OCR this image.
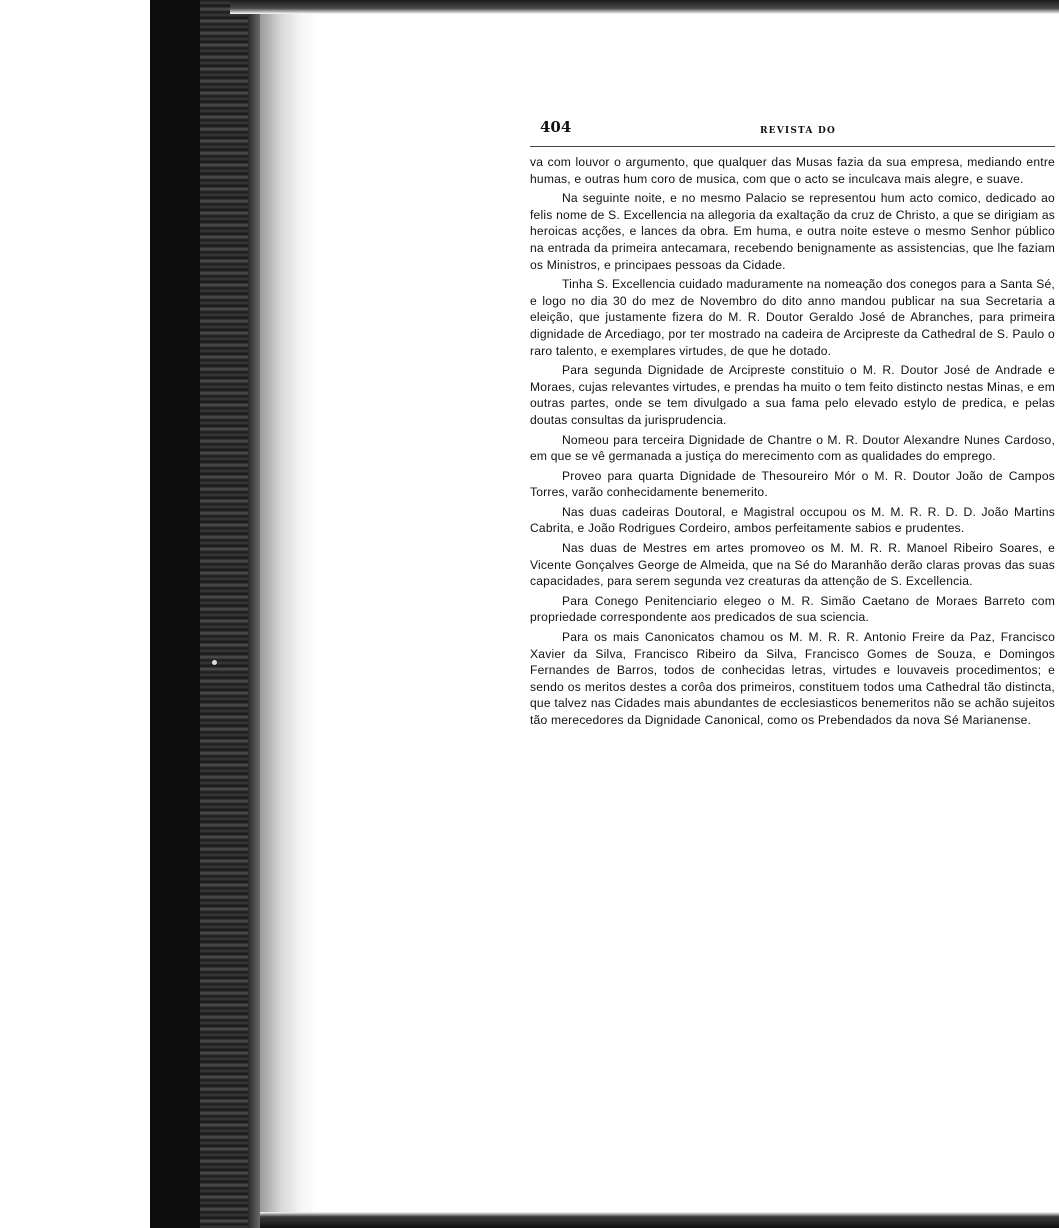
404	REVISTA DO

va com louvor o argumento, que qualquer das Musas fazia da sua empresa, mediando entre humas, e outras hum coro de musica, com que o acto se inculcava mais alegre, e suave.

Na seguinte noite, e no mesmo Palacio se representou hum acto comico, dedicado ao felis nome de S. Excellencia na allegoria da exaltação da cruz de Christo, a que se dirigiam as heroicas acções, e lances da obra. Em huma, e outra noite esteve o mesmo Senhor público na entrada da primeira antecamara, recebendo benignamente as assistencias, que lhe faziam os Ministros, e principaes pessoas da Cidade.

Tinha S. Excellencia cuidado maduramente na nomeação dos conegos para a Santa Sé, e logo no dia 30 do mez de Novembro do dito anno mandou publicar na sua Secretaria a eleição, que justamente fizera do M. R. Doutor Geraldo José de Abranches, para primeira dignidade de Arcediago, por ter mostrado na cadeira de Arcipreste da Cathedral de S. Paulo o raro talento, e exemplares virtudes, de que he dotado.

Para segunda Dignidade de Arcipreste constituio o M. R. Doutor José de Andrade e Moraes, cujas relevantes virtudes, e prendas ha muito o tem feito distincto nestas Minas, e em outras partes, onde se tem divulgado a sua fama pelo elevado estylo de predica, e pelas doutas consultas da jurisprudencia.

Nomeou para terceira Dignidade de Chantre o M. R. Doutor Alexandre Nunes Cardoso, em que se vê germanada a justiça do merecimento com as qualidades do emprego.

Proveo para quarta Dignidade de Thesoureiro Mór o M. R. Doutor João de Campos Torres, varão conhecidamente benemerito.

Nas duas cadeiras Doutoral, e Magistral occupou os M. M. R. R. D. D. João Martins Cabrita, e João Rodrigues Cordeiro, ambos perfeitamente sabios e prudentes.

Nas duas de Mestres em artes promoveo os M. M. R. R. Manoel Ribeiro Soares, e Vicente Gonçalves George de Almeida, que na Sé do Maranhão derão claras provas das suas capacidades, para serem segunda vez creaturas da attenção de S. Excellencia.

Para Conego Penitenciario elegeo o M. R. Simão Caetano de Moraes Barreto com propriedade correspondente aos predicados de sua sciencia.

Para os mais Canonicatos chamou os M. M. R. R. Antonio Freire da Paz, Francisco Xavier da Silva, Francisco Ribeiro da Silva, Francisco Gomes de Souza, e Domingos Fernandes de Barros, todos de conhecidas letras, virtudes e louvaveis procedimentos; e sendo os meritos destes a corôa dos primeiros, constituem todos uma Cathedral tão distincta, que talvez nas Cidades mais abundantes de ecclesiasticos benemeritos não se achão sujeitos tão merecedores da Dignidade Canonical, como os Prebendados da nova Sé Marianense.
